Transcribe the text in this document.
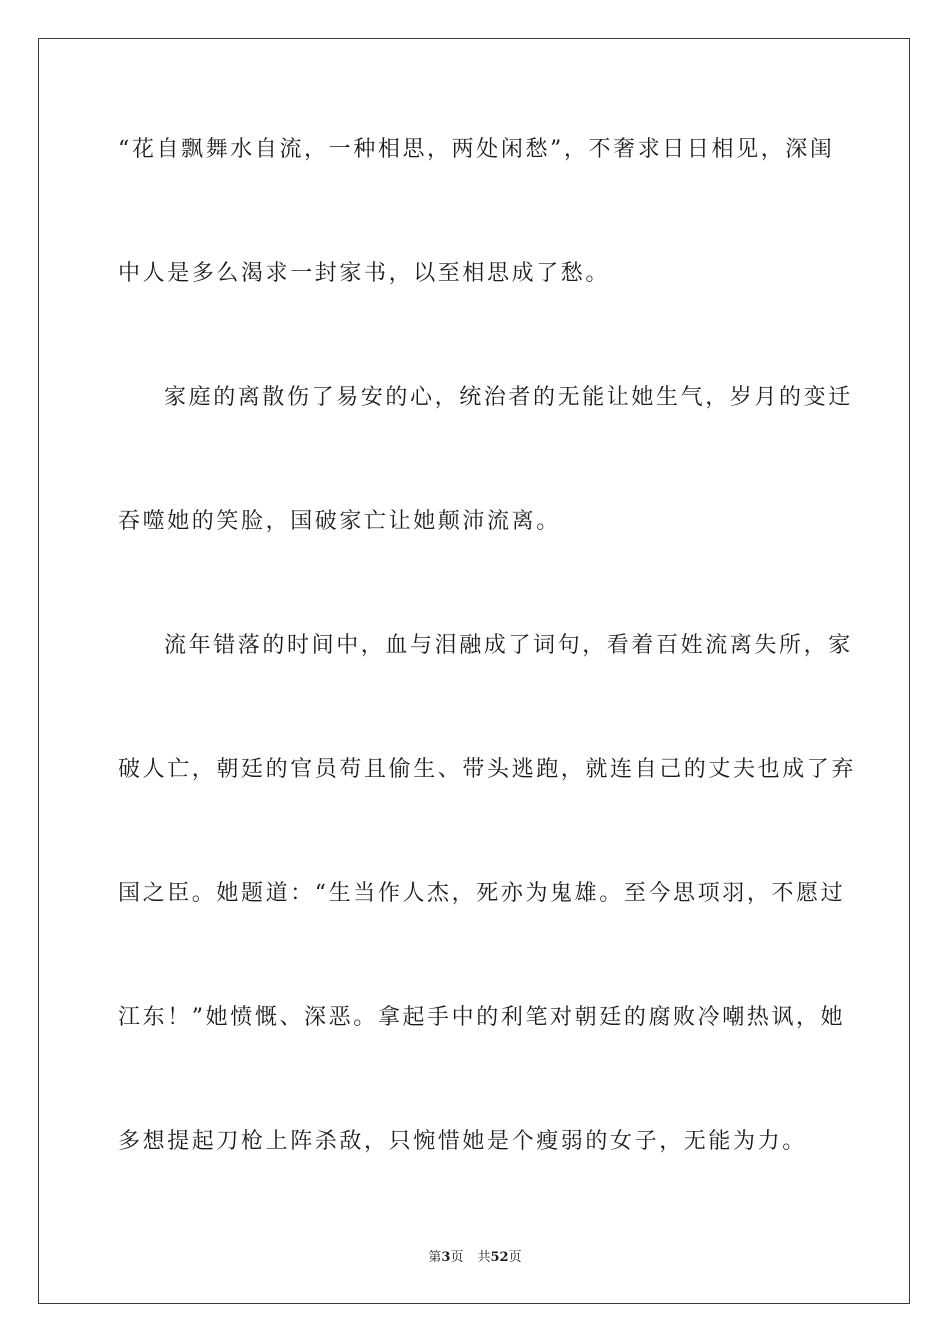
“花自飘舞水自流，一种相思，两处闲愁”，不奢求日日相见，深闺
中人是多么渴求一封家书，以至相思成了愁。
家庭的离散伤了易安的心，统治者的无能让她生气，岁月的变迁
吞噬她的笑脸，国破家亡让她颠沛流离。
流年错落的时间中，血与泪融成了词句，看着百姓流离失所，家
破人亡，朝廷的官员苟且偷生、带头逃跑，就连自己的丈夫也成了弃
国之臣。她题道：“生当作人杰，死亦为鬼雄。至今思项羽，不愿过
江东！”她愤慨、深恶。拿起手中的利笔对朝廷的腐败冷嘲热讽，她
多想提起刀枪上阵杀敌，只惋惜她是个瘦弱的女子，无能为力。
第3页 共52页
